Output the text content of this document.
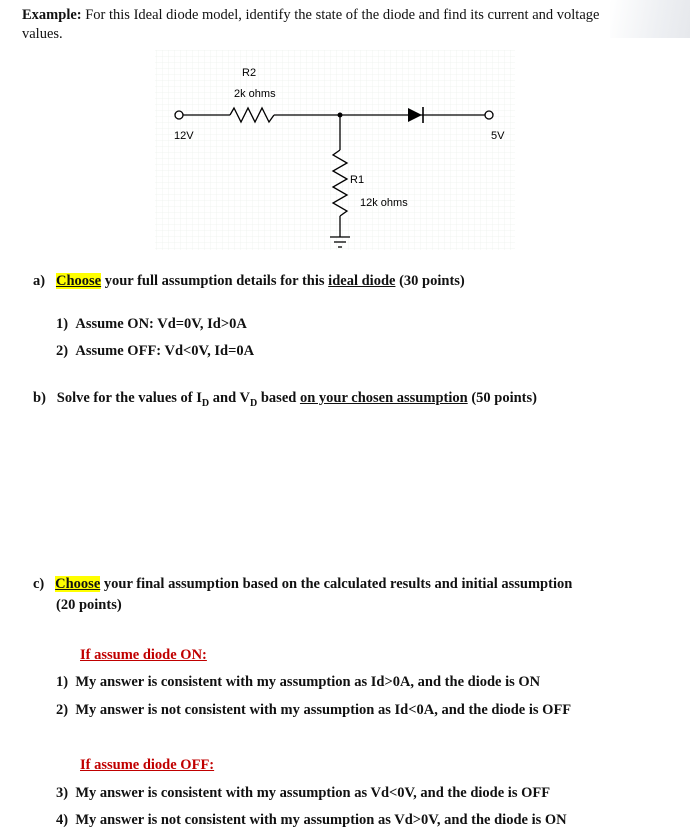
Example: For this Ideal diode model, identify the state of the diode and find its current and voltage values.
R2
2k ohms
12V	5V
R1
12k ohms
a) Choose your full assumption details for this ideal diode (30 points)
1) Assume ON: Vd=0V, Id>0A
2) Assume OFF: Vd<0V, Id=0A
b) Solve for the values of $I_D$ and $V_D$ based on your chosen assumption (50 points)
c) Choose your final assumption based on the calculated results and initial assumption
(20 points)
If assume diode ON:
1) My answer is consistent with my assumption as Id>0A, and the diode is ON
2) My answer is not consistent with my assumption as Id<0A, and the diode is OFF
If assume diode OFF:
3) My answer is consistent with my assumption as Vd<0V, and the diode is OFF
4) My answer is not consistent with my assumption as Vd>0V, and the diode is ON
